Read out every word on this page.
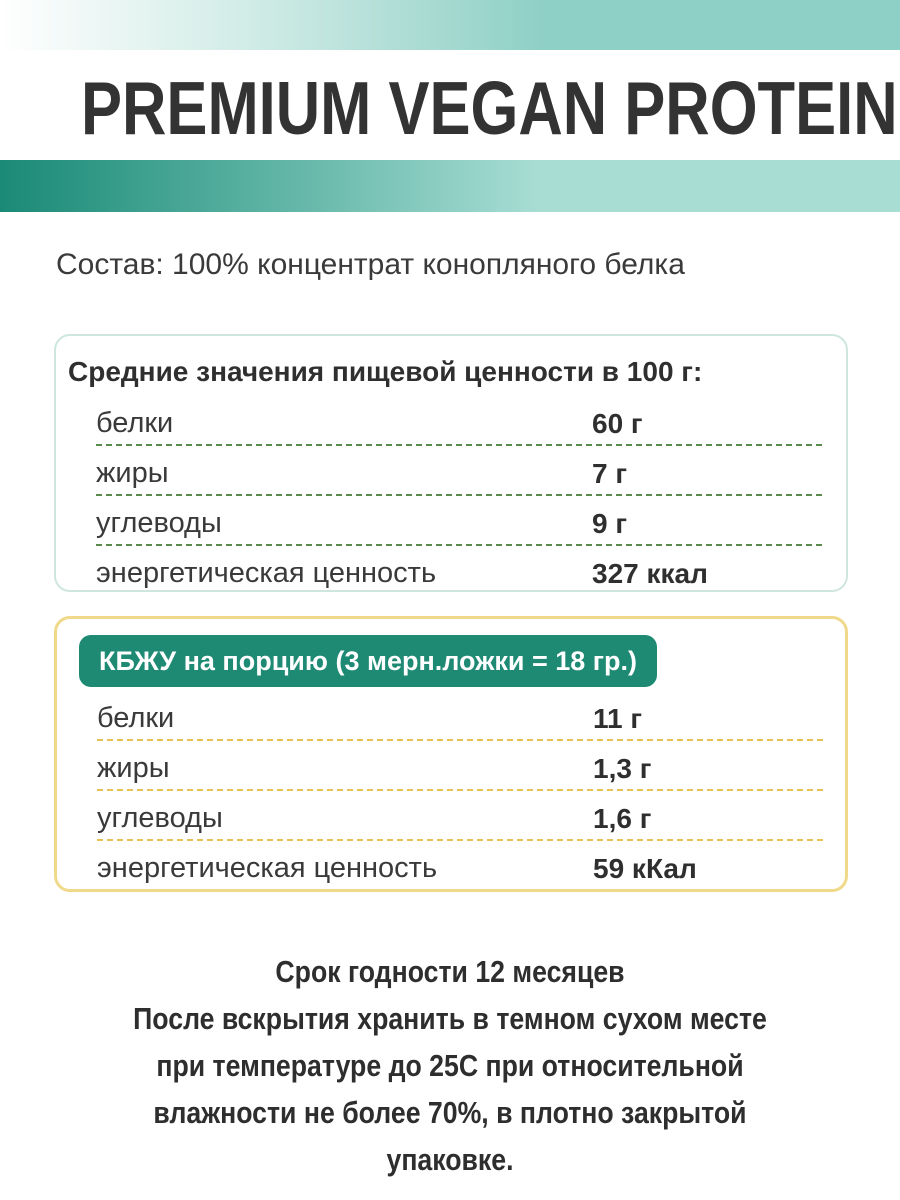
PREMIUM VEGAN PROTEIN
Состав: 100% концентрат конопляного белка
Средние значения пищевой ценности в 100 г:
белки	60 г
жиры	7 г
углеводы	9 г
энергетическая ценность	327 ккал
КБЖУ на порцию (3 мерн.ложки = 18 гр.)
белки	11 г
жиры	1,3 г
углеводы	1,6 г
энергетическая ценность	59 кКал
Срок годности 12 месяцев
После вскрытия хранить в темном сухом месте
при температуре до 25С при относительной
влажности не более 70%, в плотно закрытой
упаковке.
